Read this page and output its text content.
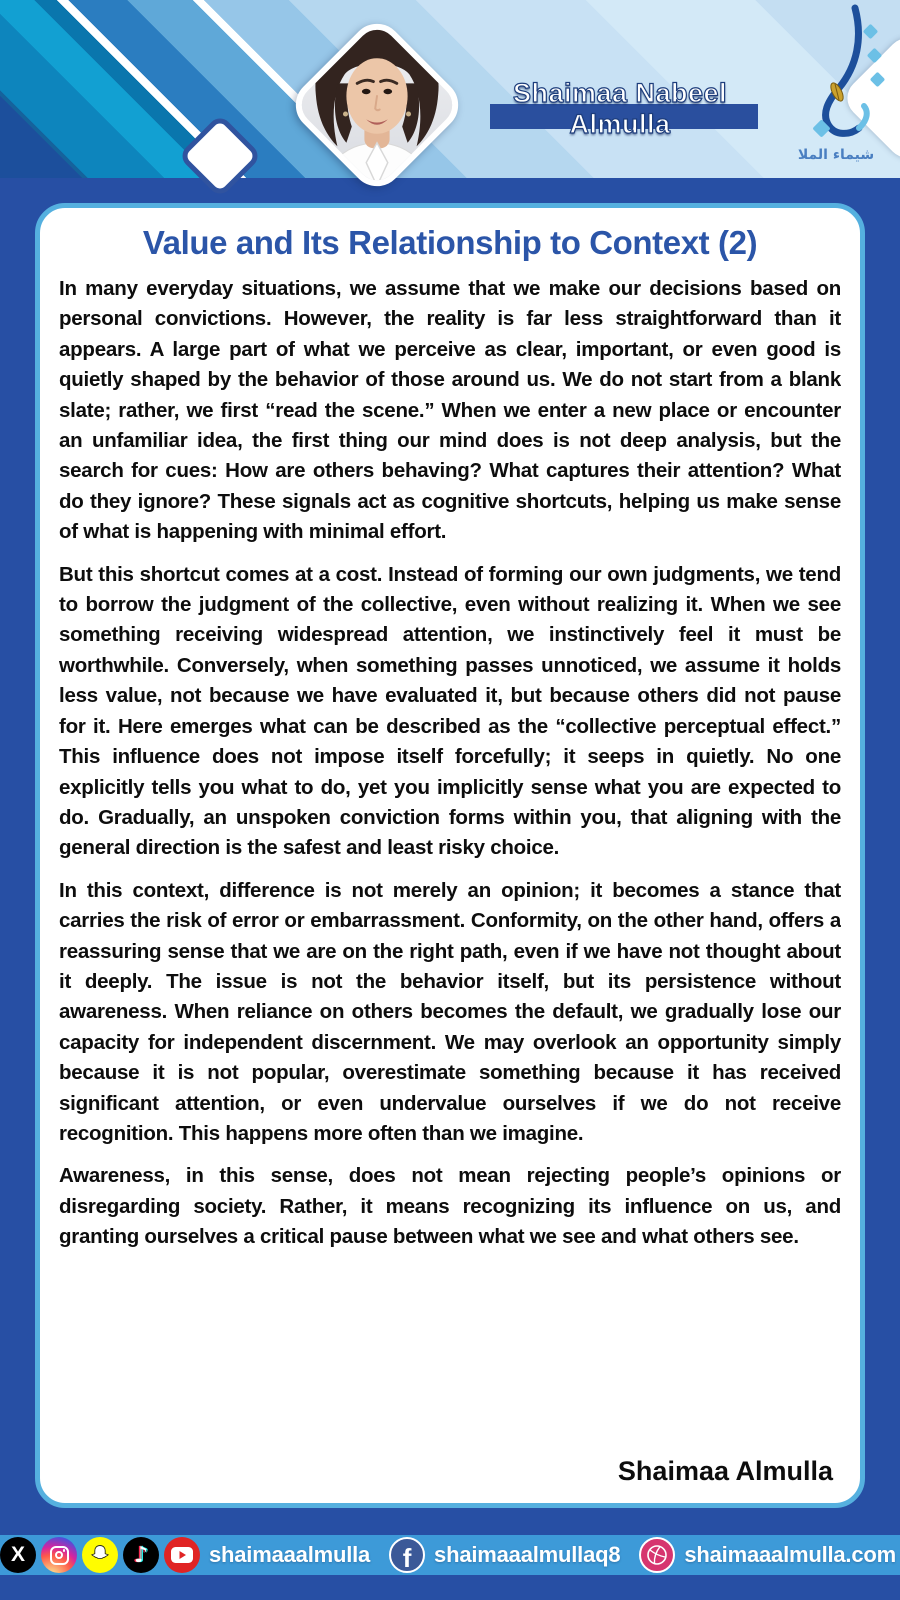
Shaimaa Nabeel Almulla
شيماء الملا
Value and Its Relationship to Context (2)

In many everyday situations, we assume that we make our decisions based on personal convictions. However, the reality is far less straightforward than it appears. A large part of what we perceive as clear, important, or even good is quietly shaped by the behavior of those around us. We do not start from a blank slate; rather, we first “read the scene.” When we enter a new place or encounter an unfamiliar idea, the first thing our mind does is not deep analysis, but the search for cues: How are others behaving? What captures their attention? What do they ignore? These signals act as cognitive shortcuts, helping us make sense of what is happening with minimal effort.

But this shortcut comes at a cost. Instead of forming our own judgments, we tend to borrow the judgment of the collective, even without realizing it. When we see something receiving widespread attention, we instinctively feel it must be worthwhile. Conversely, when something passes unnoticed, we assume it holds less value, not because we have evaluated it, but because others did not pause for it. Here emerges what can be described as the “collective perceptual effect.” This influence does not impose itself forcefully; it seeps in quietly. No one explicitly tells you what to do, yet you implicitly sense what you are expected to do. Gradually, an unspoken conviction forms within you, that aligning with the general direction is the safest and least risky choice.

In this context, difference is not merely an opinion; it becomes a stance that carries the risk of error or embarrassment. Conformity, on the other hand, offers a reassuring sense that we are on the right path, even if we have not thought about it deeply. The issue is not the behavior itself, but its persistence without awareness. When reliance on others becomes the default, we gradually lose our capacity for independent discernment. We may overlook an opportunity simply because it is not popular, overestimate something because it has received significant attention, or even undervalue ourselves if we do not receive recognition. This happens more often than we imagine.

Awareness, in this sense, does not mean rejecting people’s opinions or disregarding society. Rather, it means recognizing its influence on us, and granting ourselves a critical pause between what we see and what others see.

Shaimaa Almulla
X	♪	shaimaaalmulla f shaimaaalmullaq8	shaimaaalmulla.com
